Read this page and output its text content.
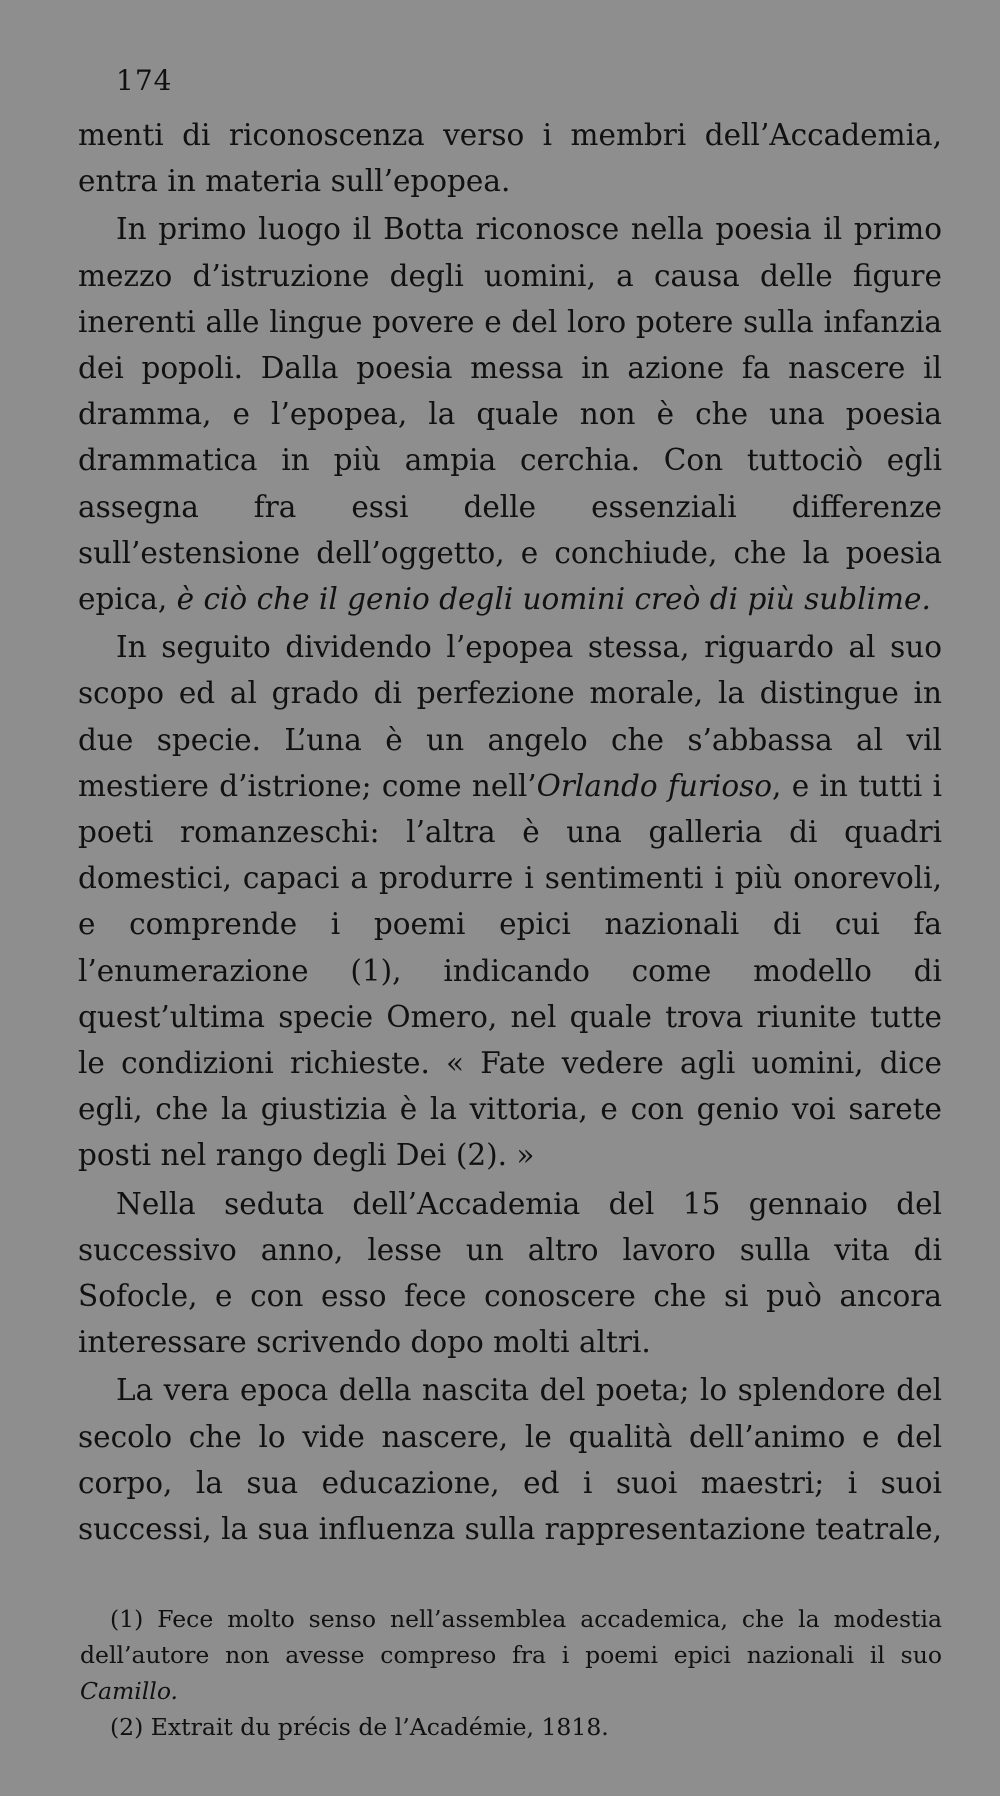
174

menti di riconoscenza verso i membri dell’Accademia, entra in materia sull’epopea.

In primo luogo il Botta riconosce nella poesia il primo mezzo d’istruzione degli uomini, a causa delle figure inerenti alle lingue povere e del loro potere sulla infanzia dei popoli. Dalla poesia messa in azione fa nascere il dramma, e l’epopea, la quale non è che una poesia drammatica in più ampia cerchia. Con tuttociò egli assegna fra essi delle essenziali differenze sull’estensione dell’oggetto, e conchiude, che la poesia epica, è ciò che il genio degli uomini creò di più sublime.

In seguito dividendo l’epopea stessa, riguardo al suo scopo ed al grado di perfezione morale, la distingue in due specie. L’una è un angelo che s’abbassa al vil mestiere d’istrione; come nell’Orlando furioso, e in tutti i poeti romanzeschi: l’altra è una galleria di quadri domestici, capaci a produrre i sentimenti i più onorevoli, e comprende i poemi epici nazionali di cui fa l’enumerazione (1), indicando come modello di quest’ultima specie Omero, nel quale trova riunite tutte le condizioni richieste. « Fate vedere agli uomini, dice egli, che la giustizia è la vittoria, e con genio voi sarete posti nel rango degli Dei (2). »

Nella seduta dell’Accademia del 15 gennaio del successivo anno, lesse un altro lavoro sulla vita di Sofocle, e con esso fece conoscere che si può ancora interessare scrivendo dopo molti altri.

La vera epoca della nascita del poeta; lo splendore del secolo che lo vide nascere, le qualità dell’animo e del corpo, la sua educazione, ed i suoi maestri; i suoi successi, la sua influenza sulla rappresentazione teatrale,

(1) Fece molto senso nell’assemblea accademica, che la modestia dell’autore non avesse compreso fra i poemi epici nazionali il suo Camillo.

(2) Extrait du précis de l’Académie, 1818.
